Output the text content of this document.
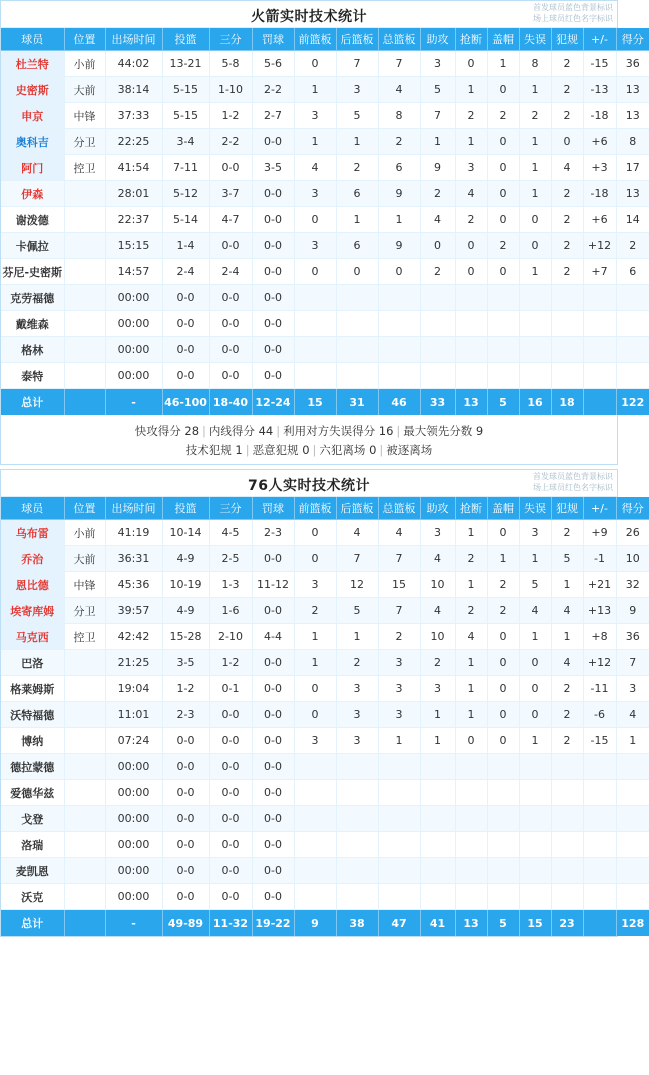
火箭实时技术统计
首发球员蓝色背景标识
场上球员红色名字标识
球员	位置	出场时间	投篮	三分	罚球	前篮板	后篮板	总篮板	助攻	抢断	盖帽	失误	犯规	+/-	得分
杜兰特	小前	44:02	13-21	5-8	5-6	0	7	7	3	0	1	8	2	-15	36
史密斯	大前	38:14	5-15	1-10	2-2	1	3	4	5	1	0	1	2	-13	13
申京	中锋	37:33	5-15	1-2	2-7	3	5	8	7	2	2	2	2	-18	13
奥科吉	分卫	22:25	3-4	2-2	0-0	1	1	2	1	1	0	1	0	+6	8
阿门	控卫	41:54	7-11	0-0	3-5	4	2	6	9	3	0	1	4	+3	17
伊森		28:01	5-12	3-7	0-0	3	6	9	2	4	0	1	2	-18	13
谢泼德		22:37	5-14	4-7	0-0	0	1	1	4	2	0	0	2	+6	14
卡佩拉		15:15	1-4	0-0	0-0	3	6	9	0	0	2	0	2	+12	2
芬尼-史密斯		14:57	2-4	2-4	0-0	0	0	0	2	0	0	1	2	+7	6
克劳福德		00:00	0-0	0-0	0-0										
戴维森		00:00	0-0	0-0	0-0										
格林		00:00	0-0	0-0	0-0										
泰特		00:00	0-0	0-0	0-0										
总计		-	46-100	18-40	12-24	15	31	46	33	13	5	16	18		122
快攻得分 28 | 内线得分 44 | 利用对方失误得分 16 | 最大领先分数 9
技术犯规 1 | 恶意犯规 0 | 六犯离场 0 | 被逐离场
76人实时技术统计
首发球员蓝色背景标识
场上球员红色名字标识
球员	位置	出场时间	投篮	三分	罚球	前篮板	后篮板	总篮板	助攻	抢断	盖帽	失误	犯规	+/-	得分
乌布雷	小前	41:19	10-14	4-5	2-3	0	4	4	3	1	0	3	2	+9	26
乔治	大前	36:31	4-9	2-5	0-0	0	7	7	4	2	1	1	5	-1	10
恩比德	中锋	45:36	10-19	1-3	11-12	3	12	15	10	1	2	5	1	+21	32
埃寄库姆	分卫	39:57	4-9	1-6	0-0	2	5	7	4	2	2	4	4	+13	9
马克西	控卫	42:42	15-28	2-10	4-4	1	1	2	10	4	0	1	1	+8	36
巴洛		21:25	3-5	1-2	0-0	1	2	3	2	1	0	0	4	+12	7
格莱姆斯		19:04	1-2	0-1	0-0	0	3	3	3	1	0	0	2	-11	3
沃特福德		11:01	2-3	0-0	0-0	0	3	3	1	1	0	0	2	-6	4
博纳		07:24	0-0	0-0	0-0	3	3	1	1	0	0	1	2	-15	1
德拉蒙德		00:00	0-0	0-0	0-0										
爱德华兹		00:00	0-0	0-0	0-0										
戈登		00:00	0-0	0-0	0-0										
洛瑞		00:00	0-0	0-0	0-0										
麦凯恩		00:00	0-0	0-0	0-0										
沃克		00:00	0-0	0-0	0-0										
总计		-	49-89	11-32	19-22	9	38	47	41	13	5	15	23		128
